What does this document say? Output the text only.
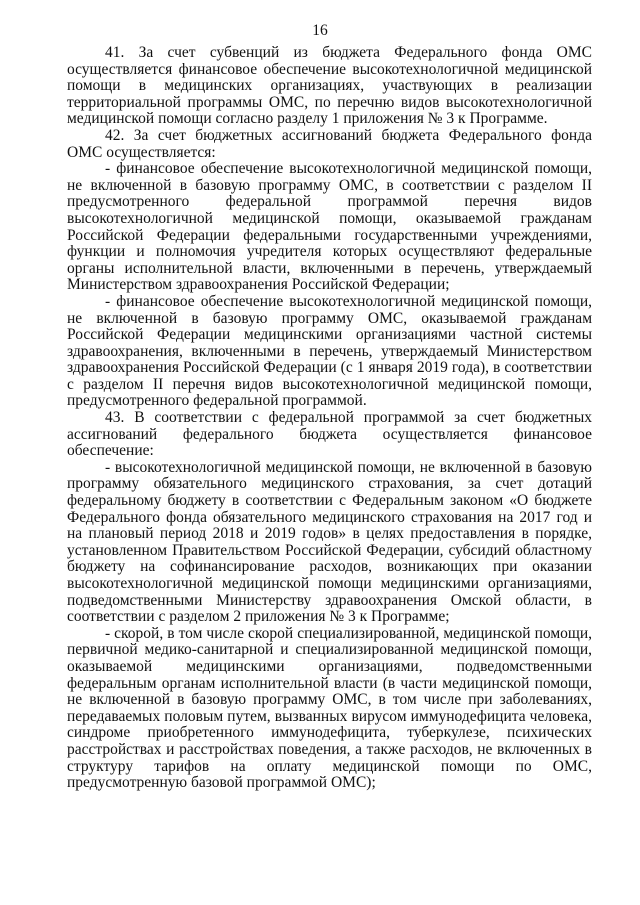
16

41. За счет субвенций из бюджета Федерального фонда ОМС осуществляется финансовое обеспечение высокотехнологичной медицинской помощи в медицинских организациях, участвующих в реализации территориальной программы ОМС, по перечню видов высокотехнологичной медицинской помощи согласно разделу 1 приложения № 3 к Программе.

42. За счет бюджетных ассигнований бюджета Федерального фонда ОМС осуществляется:

- финансовое обеспечение высокотехнологичной медицинской помощи, не включенной в базовую программу ОМС, в соответствии с разделом II предусмотренного федеральной программой перечня видов высокотехнологичной медицинской помощи, оказываемой гражданам Российской Федерации федеральными государственными учреждениями, функции и полномочия учредителя которых осуществляют федеральные органы исполнительной власти, включенными в перечень, утверждаемый Министерством здравоохранения Российской Федерации;

- финансовое обеспечение высокотехнологичной медицинской помощи, не включенной в базовую программу ОМС, оказываемой гражданам Российской Федерации медицинскими организациями частной системы здравоохранения, включенными в перечень, утверждаемый Министерством здравоохранения Российской Федерации (с 1 января 2019 года), в соответствии с разделом II перечня видов высокотехнологичной медицинской помощи, предусмотренного федеральной программой.

43. В соответствии с федеральной программой за счет бюджетных ассигнований федерального бюджета осуществляется финансовое обеспечение:

- высокотехнологичной медицинской помощи, не включенной в базовую программу обязательного медицинского страхования, за счет дотаций федеральному бюджету в соответствии с Федеральным законом «О бюджете Федерального фонда обязательного медицинского страхования на 2017 год и на плановый период 2018 и 2019 годов» в целях предоставления в порядке, установленном Правительством Российской Федерации, субсидий областному бюджету на софинансирование расходов, возникающих при оказании высокотехнологичной медицинской помощи медицинскими организациями, подведомственными Министерству здравоохранения Омской области, в соответствии с разделом 2 приложения № 3 к Программе;

- скорой, в том числе скорой специализированной, медицинской помощи, первичной медико-санитарной и специализированной медицинской помощи, оказываемой медицинскими организациями, подведомственными федеральным органам исполнительной власти (в части медицинской помощи, не включенной в базовую программу ОМС, в том числе при заболеваниях, передаваемых половым путем, вызванных вирусом иммунодефицита человека, синдроме приобретенного иммунодефицита, туберкулезе, психических расстройствах и расстройствах поведения, а также расходов, не включенных в структуру тарифов на оплату медицинской помощи по ОМС, предусмотренную базовой программой ОМС);
